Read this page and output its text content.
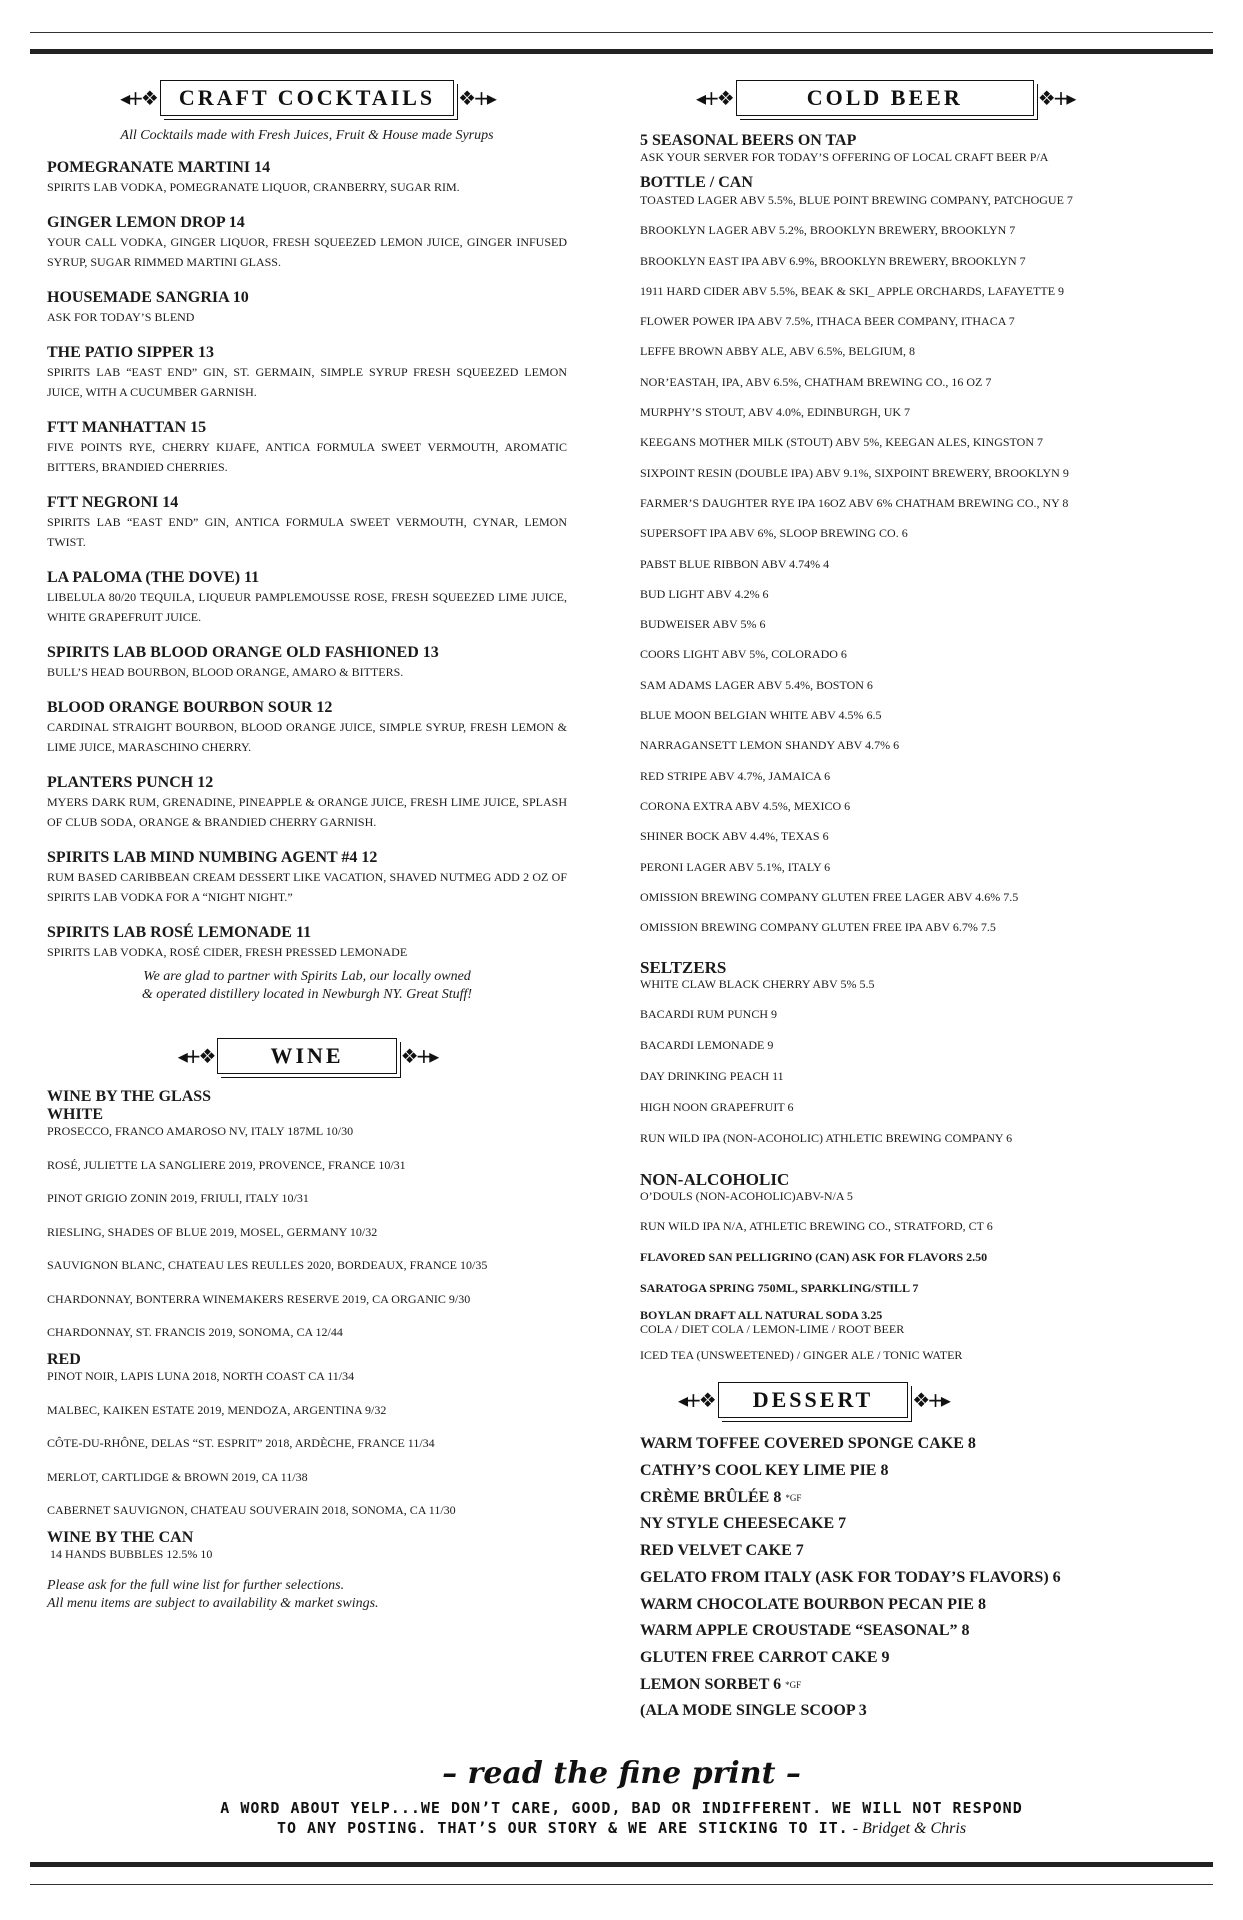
◂+❖	CRAFT COCKTAILS	❖+▸
All Cocktails made with Fresh Juices, Fruit & House made Syrups
POMEGRANATE MARTINI 14
SPIRITS LAB VODKA, POMEGRANATE LIQUOR, CRANBERRY, SUGAR RIM.
GINGER LEMON DROP 14
YOUR CALL VODKA, GINGER LIQUOR, FRESH SQUEEZED LEMON JUICE, GINGER INFUSED SYRUP, SUGAR RIMMED MARTINI GLASS.
HOUSEMADE SANGRIA 10
ASK FOR TODAY’S BLEND
THE PATIO SIPPER 13
SPIRITS LAB “EAST END” GIN, ST. GERMAIN, SIMPLE SYRUP FRESH SQUEEZED LEMON JUICE, WITH A CUCUMBER GARNISH.
FTT MANHATTAN 15
FIVE POINTS RYE, CHERRY KIJAFE, ANTICA FORMULA SWEET VERMOUTH, AROMATIC BITTERS, BRANDIED CHERRIES.
FTT NEGRONI 14
SPIRITS LAB “EAST END” GIN, ANTICA FORMULA SWEET VERMOUTH, CYNAR, LEMON TWIST.
LA PALOMA (THE DOVE) 11
LIBELULA 80/20 TEQUILA, LIQUEUR PAMPLEMOUSSE ROSE, FRESH SQUEEZED LIME JUICE, WHITE GRAPEFRUIT JUICE.
SPIRITS LAB BLOOD ORANGE OLD FASHIONED 13
BULL’S HEAD BOURBON, BLOOD ORANGE, AMARO & BITTERS.
BLOOD ORANGE BOURBON SOUR 12
CARDINAL STRAIGHT BOURBON, BLOOD ORANGE JUICE, SIMPLE SYRUP, FRESH LEMON & LIME JUICE, MARASCHINO CHERRY.
PLANTERS PUNCH 12
MYERS DARK RUM, GRENADINE, PINEAPPLE & ORANGE JUICE, FRESH LIME JUICE, SPLASH OF CLUB SODA, ORANGE & BRANDIED CHERRY GARNISH.
SPIRITS LAB MIND NUMBING AGENT #4 12
RUM BASED CARIBBEAN CREAM DESSERT LIKE VACATION, SHAVED NUTMEG ADD 2 OZ OF SPIRITS LAB VODKA FOR A “NIGHT NIGHT.”
SPIRITS LAB ROSÉ LEMONADE 11
SPIRITS LAB VODKA, ROSÉ CIDER, FRESH PRESSED LEMONADE
We are glad to partner with Spirits Lab, our locally owned
& operated distillery located in Newburgh NY. Great Stuff!
◂+❖	WINE	❖+▸
WINE BY THE GLASS
WHITE
PROSECCO, FRANCO AMAROSO NV, ITALY 187ML 10/30
ROSÉ, JULIETTE LA SANGLIERE 2019, PROVENCE, FRANCE 10/31
PINOT GRIGIO ZONIN 2019, FRIULI, ITALY 10/31
RIESLING, SHADES OF BLUE 2019, MOSEL, GERMANY 10/32
SAUVIGNON BLANC, CHATEAU LES REULLES 2020, BORDEAUX, FRANCE 10/35
CHARDONNAY, BONTERRA WINEMAKERS RESERVE 2019, CA ORGANIC 9/30
CHARDONNAY, ST. FRANCIS 2019, SONOMA, CA 12/44
RED
PINOT NOIR, LAPIS LUNA 2018, NORTH COAST CA 11/34
MALBEC, KAIKEN ESTATE 2019, MENDOZA, ARGENTINA 9/32
CÔTE-DU-RHÔNE, DELAS “ST. ESPRIT” 2018, ARDÈCHE, FRANCE 11/34
MERLOT, CARTLIDGE & BROWN 2019, CA 11/38
CABERNET SAUVIGNON, CHATEAU SOUVERAIN 2018, SONOMA, CA 11/30
WINE BY THE CAN
14 HANDS BUBBLES 12.5% 10
Please ask for the full wine list for further selections.
All menu items are subject to availability & market swings.
◂+❖	COLD BEER	❖+▸
5 SEASONAL BEERS ON TAP
ASK YOUR SERVER FOR TODAY’S OFFERING OF LOCAL CRAFT BEER P/A
BOTTLE / CAN
TOASTED LAGER ABV 5.5%, BLUE POINT BREWING COMPANY, PATCHOGUE 7
BROOKLYN LAGER ABV 5.2%, BROOKLYN BREWERY, BROOKLYN 7
BROOKLYN EAST IPA ABV 6.9%, BROOKLYN BREWERY, BROOKLYN 7
1911 HARD CIDER ABV 5.5%, BEAK & SKI_ APPLE ORCHARDS, LAFAYETTE 9
FLOWER POWER IPA ABV 7.5%, ITHACA BEER COMPANY, ITHACA 7
LEFFE BROWN ABBY ALE, ABV 6.5%, BELGIUM, 8
NOR’EASTAH, IPA, ABV 6.5%, CHATHAM BREWING CO., 16 OZ 7
MURPHY’S STOUT, ABV 4.0%, EDINBURGH, UK 7
KEEGANS MOTHER MILK (STOUT) ABV 5%, KEEGAN ALES, KINGSTON 7
SIXPOINT RESIN (DOUBLE IPA) ABV 9.1%, SIXPOINT BREWERY, BROOKLYN 9
FARMER’S DAUGHTER RYE IPA 16OZ ABV 6% CHATHAM BREWING CO., NY 8
SUPERSOFT IPA ABV 6%, SLOOP BREWING CO. 6
PABST BLUE RIBBON ABV 4.74% 4
BUD LIGHT ABV 4.2% 6
BUDWEISER ABV 5% 6
COORS LIGHT ABV 5%, COLORADO 6
SAM ADAMS LAGER ABV 5.4%, BOSTON 6
BLUE MOON BELGIAN WHITE ABV 4.5% 6.5
NARRAGANSETT LEMON SHANDY ABV 4.7% 6
RED STRIPE ABV 4.7%, JAMAICA 6
CORONA EXTRA ABV 4.5%, MEXICO 6
SHINER BOCK ABV 4.4%, TEXAS 6
PERONI LAGER ABV 5.1%, ITALY 6
OMISSION BREWING COMPANY GLUTEN FREE LAGER ABV 4.6% 7.5
OMISSION BREWING COMPANY GLUTEN FREE IPA ABV 6.7% 7.5
SELTZERS
WHITE CLAW BLACK CHERRY ABV 5% 5.5
BACARDI RUM PUNCH 9
BACARDI LEMONADE 9
DAY DRINKING PEACH 11
HIGH NOON GRAPEFRUIT 6
RUN WILD IPA (NON-ACOHOLIC) ATHLETIC BREWING COMPANY 6
NON-ALCOHOLIC
O’DOULS (NON-ACOHOLIC)ABV-N/A 5
RUN WILD IPA N/A, ATHLETIC BREWING CO., STRATFORD, CT 6
FLAVORED SAN PELLIGRINO (CAN) ASK FOR FLAVORS 2.50
SARATOGA SPRING 750ML, SPARKLING/STILL 7
BOYLAN DRAFT ALL NATURAL SODA 3.25
COLA / DIET COLA / LEMON-LIME / ROOT BEER
ICED TEA (UNSWEETENED) / GINGER ALE / TONIC WATER
◂+❖	DESSERT	❖+▸
WARM TOFFEE COVERED SPONGE CAKE 8
CATHY’S COOL KEY LIME PIE 8
CRÈME BRÛLÉE 8 $^{*GF}$
NY STYLE CHEESECAKE 7
RED VELVET CAKE 7
GELATO FROM ITALY (ASK FOR TODAY’S FLAVORS) 6
WARM CHOCOLATE BOURBON PECAN PIE 8
WARM APPLE CROUSTADE “SEASONAL” 8
GLUTEN FREE CARROT CAKE 9
LEMON SORBET 6 $^{*GF}$
(ALA MODE SINGLE SCOOP 3
– read the fine print –
A WORD ABOUT YELP...WE DON’T CARE, GOOD, BAD OR INDIFFERENT. WE WILL NOT RESPOND
TO ANY POSTING. THAT’S OUR STORY & WE ARE STICKING TO IT. - Bridget & Chris
